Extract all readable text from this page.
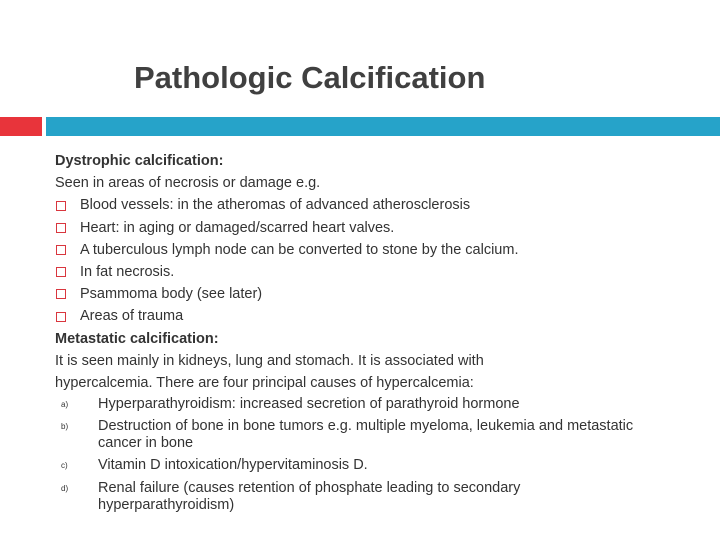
Pathologic Calcification
Dystrophic calcification:
Seen in areas of necrosis or damage e.g.
Blood vessels: in the atheromas of advanced atherosclerosis
Heart: in aging or damaged/scarred heart valves.
A tuberculous lymph node can be converted to stone by the calcium.
In fat necrosis.
Psammoma body (see later)
Areas of trauma
Metastatic calcification:
It is seen mainly in kidneys, lung and stomach. It is associated with
hypercalcemia. There are four principal causes of hypercalcemia:
a)	Hyperparathyroidism: increased secretion of parathyroid hormone
b)	Destruction of bone in bone tumors e.g. multiple myeloma, leukemia and metastatic cancer in bone
c)	Vitamin D intoxication/hypervitaminosis D.
d)	Renal failure (causes retention of phosphate leading to secondary hyperparathyroidism)
